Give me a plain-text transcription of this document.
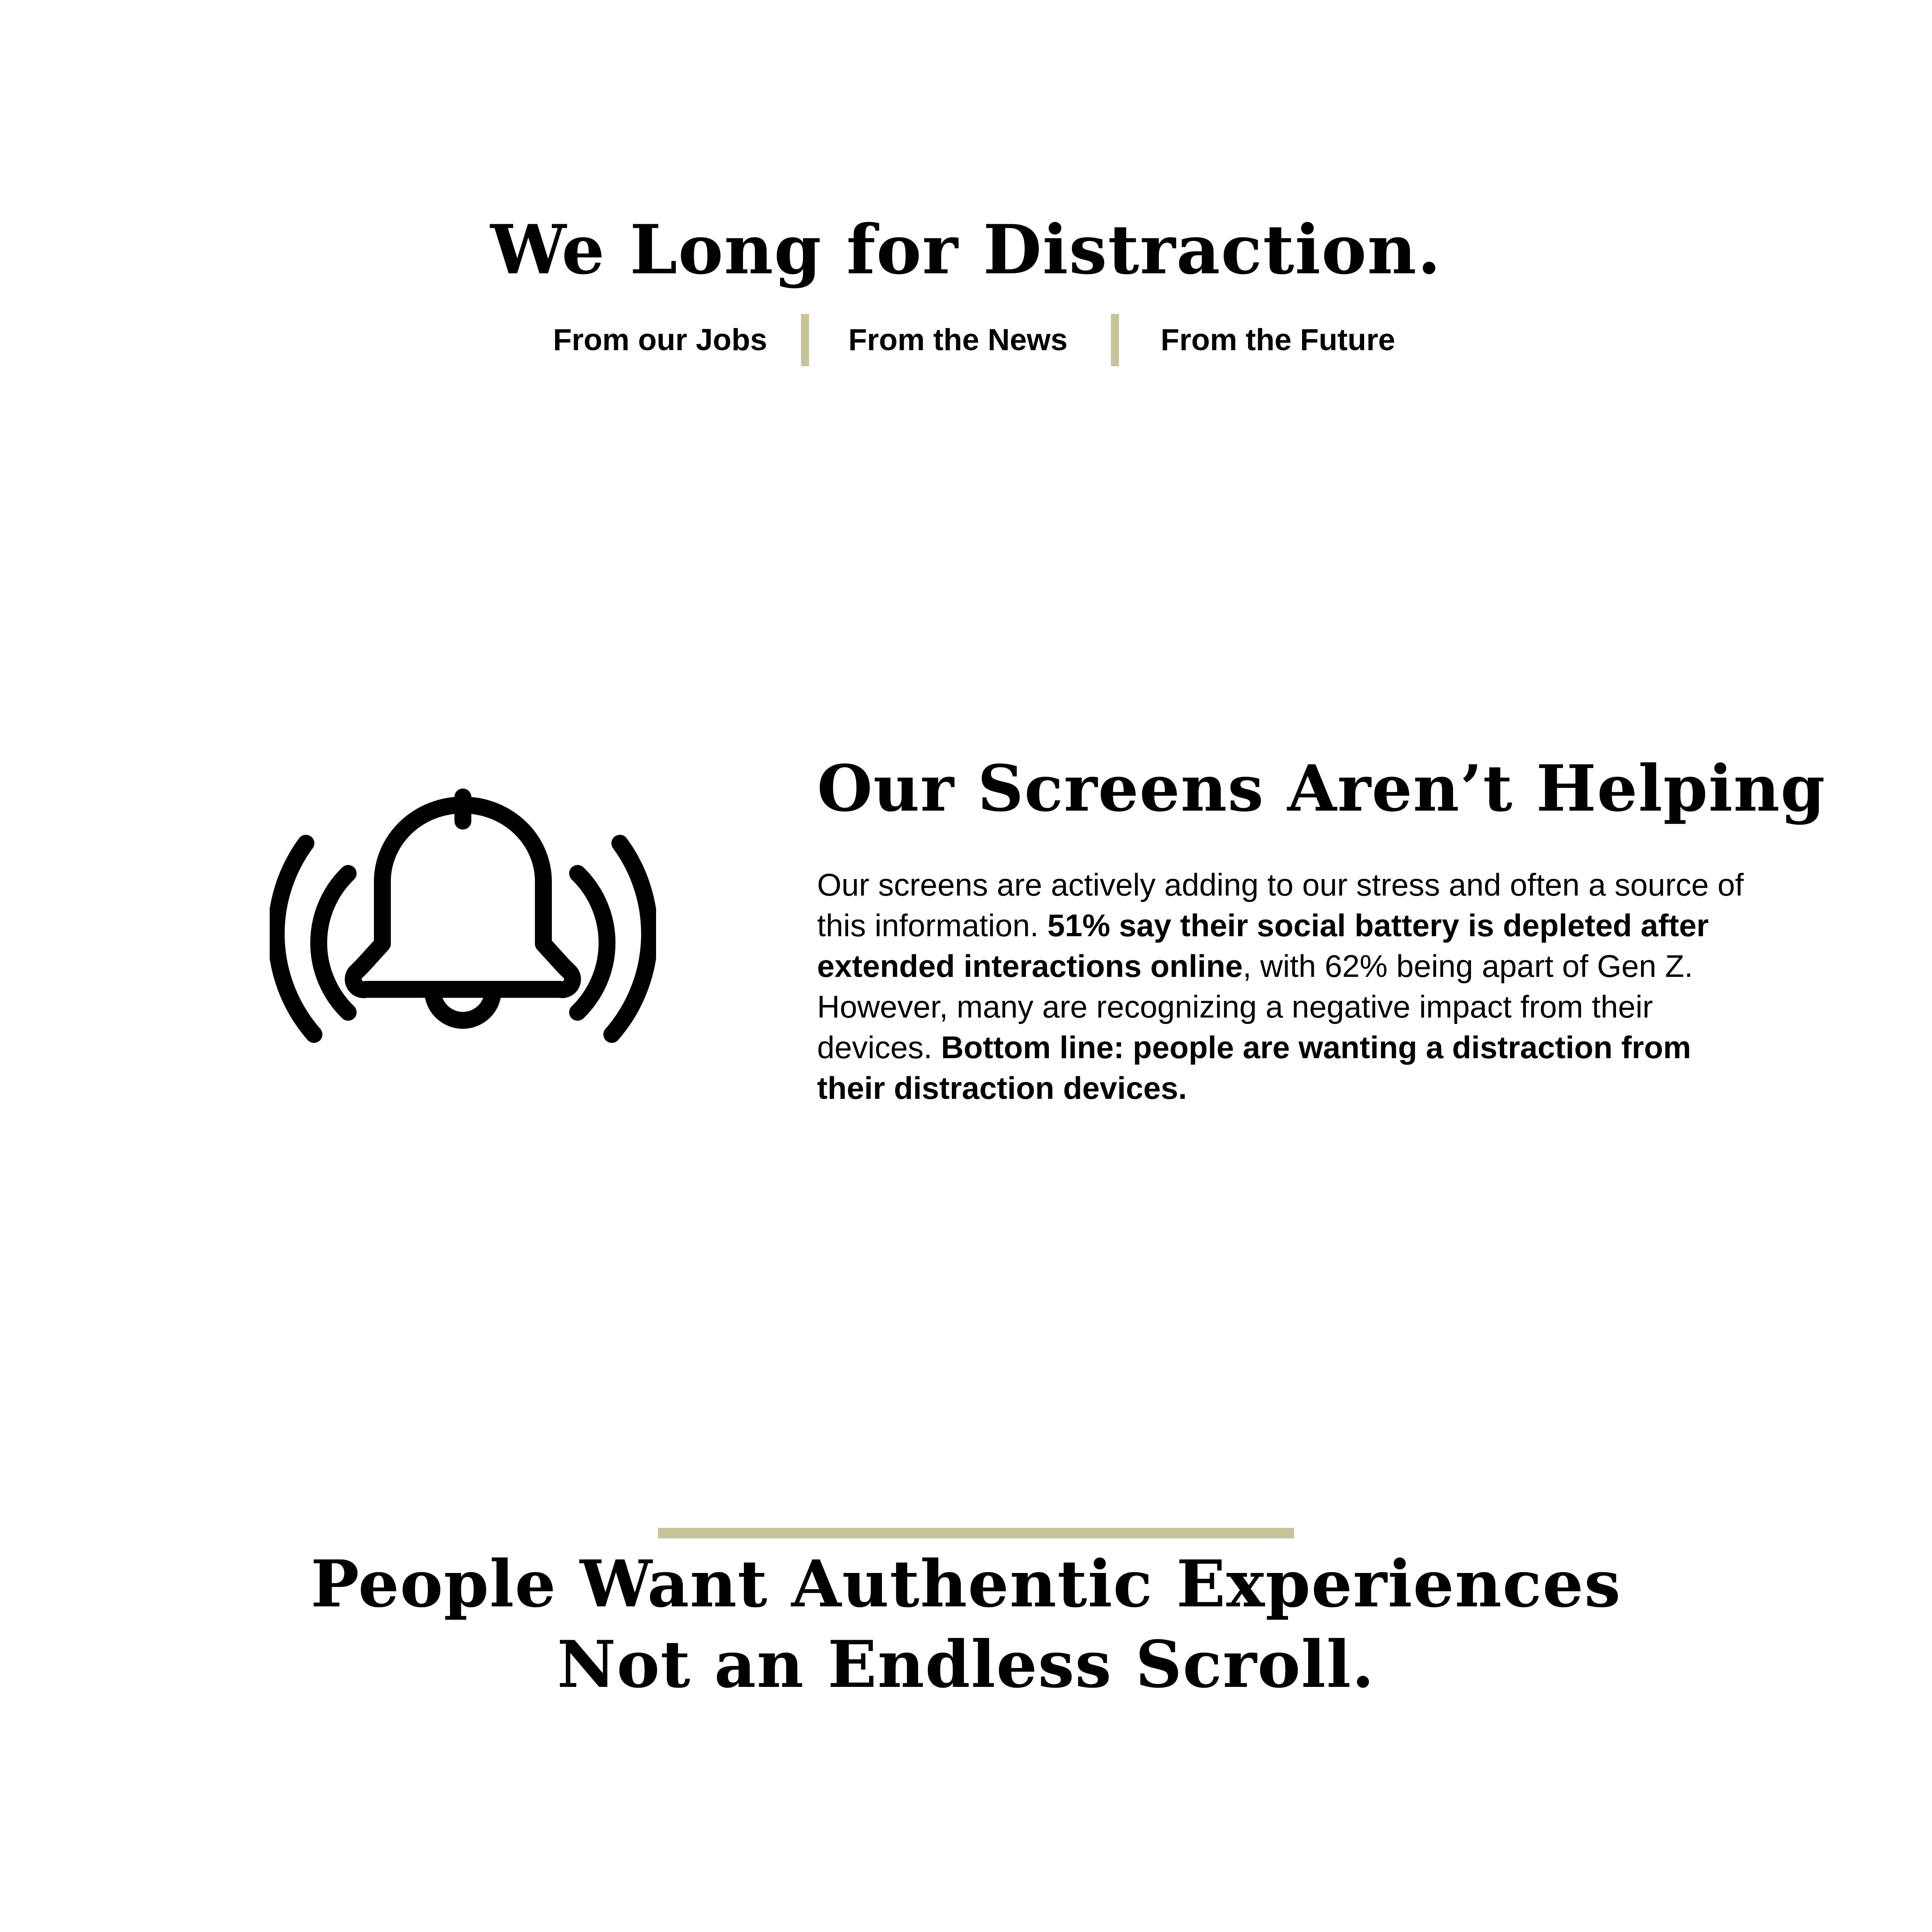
We Long for Distraction.
From our Jobs	From the News	From the Future
Our Screens Aren’t Helping

Our screens are actively adding to our stress and often a source of this information. 51% say their social battery is depleted after extended interactions online, with 62% being apart of Gen Z. However, many are recognizing a negative impact from their devices. Bottom line: people are wanting a distraction from their distraction devices.

People Want Authentic Experiences
Not an Endless Scroll.
